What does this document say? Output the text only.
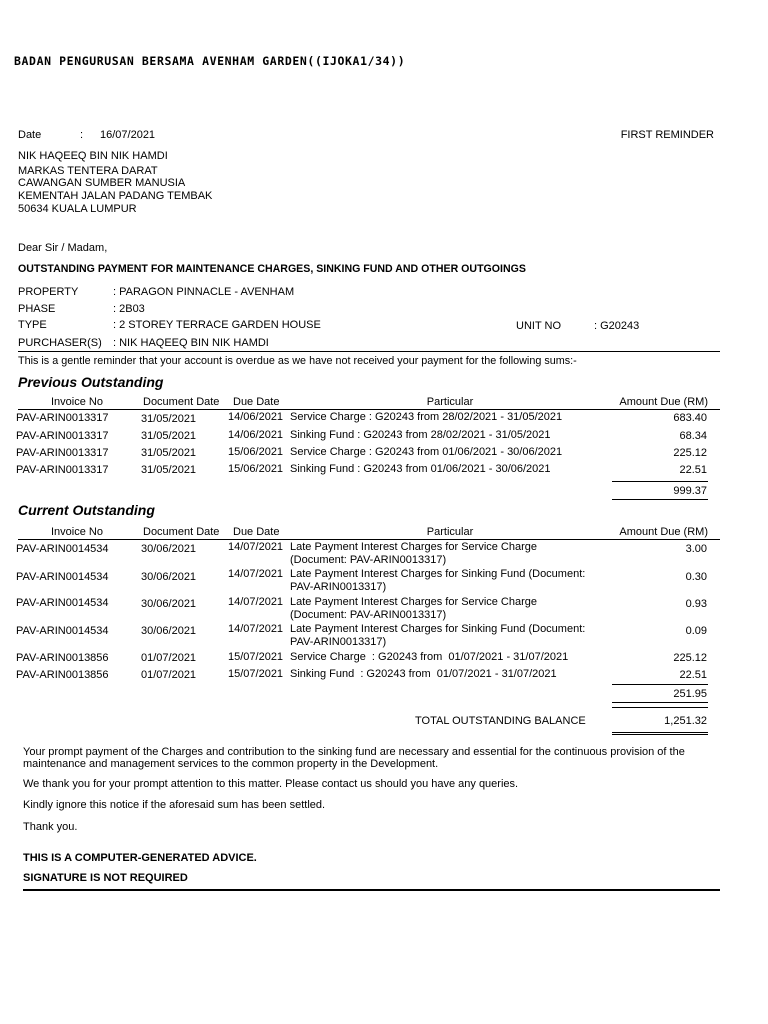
BADAN PENGURUSAN BERSAMA AVENHAM GARDEN((IJOKA1/34))
Date	: 16/07/2021	FIRST REMINDER
NIK HAQEEQ BIN NIK HAMDI
MARKAS TENTERA DARAT
CAWANGAN SUMBER MANUSIA
KEMENTAH JALAN PADANG TEMBAK
50634 KUALA LUMPUR
Dear Sir / Madam,
OUTSTANDING PAYMENT FOR MAINTENANCE CHARGES, SINKING FUND AND OTHER OUTGOINGS
PROPERTY	: PARAGON PINNACLE - AVENHAM
PHASE	: 2B03
TYPE	: 2 STOREY TERRACE GARDEN HOUSE	UNIT NO	: G20243
PURCHASER(S) : NIK HAQEEQ BIN NIK HAMDI
This is a gentle reminder that your account is overdue as we have not received your payment for the following sums:-
Previous Outstanding
Invoice No	Document Date Due Date	Particular	Amount Due (RM)
PAV-ARIN0013317	31/05/2021	14/06/2021 Service Charge : G20243 from 28/02/2021 - 31/05/2021	683.40
PAV-ARIN0013317	31/05/2021	14/06/2021 Sinking Fund : G20243 from 28/02/2021 - 31/05/2021	68.34
PAV-ARIN0013317	31/05/2021	15/06/2021 Service Charge : G20243 from 01/06/2021 - 30/06/2021	225.12
PAV-ARIN0013317	31/05/2021	15/06/2021 Sinking Fund : G20243 from 01/06/2021 - 30/06/2021	22.51
999.37
Current Outstanding
Invoice No	Document Date Due Date	Particular	Amount Due (RM)
PAV-ARIN0014534	30/06/2021	14/07/2021 Late Payment Interest Charges for Service Charge
(Document: PAV-ARIN0013317)
3.00
PAV-ARIN0014534	30/06/2021	14/07/2021 Late Payment Interest Charges for Sinking Fund (Document:
PAV-ARIN0013317)
0.30
PAV-ARIN0014534	30/06/2021	14/07/2021 Late Payment Interest Charges for Service Charge
(Document: PAV-ARIN0013317)
0.93
PAV-ARIN0014534	30/06/2021	14/07/2021 Late Payment Interest Charges for Sinking Fund (Document:
PAV-ARIN0013317)
0.09
PAV-ARIN0013856	01/07/2021	15/07/2021 Service Charge  : G20243 from  01/07/2021 - 31/07/2021	225.12
PAV-ARIN0013856	01/07/2021	15/07/2021 Sinking Fund  : G20243 from  01/07/2021 - 31/07/2021	22.51
251.95
TOTAL OUTSTANDING BALANCE	1,251.32
Your prompt payment of the Charges and contribution to the sinking fund are necessary and essential for the continuous provision of the maintenance and management services to the common property in the Development.
We thank you for your prompt attention to this matter. Please contact us should you have any queries.
Kindly ignore this notice if the aforesaid sum has been settled.
Thank you.
THIS IS A COMPUTER-GENERATED ADVICE.
SIGNATURE IS NOT REQUIRED
